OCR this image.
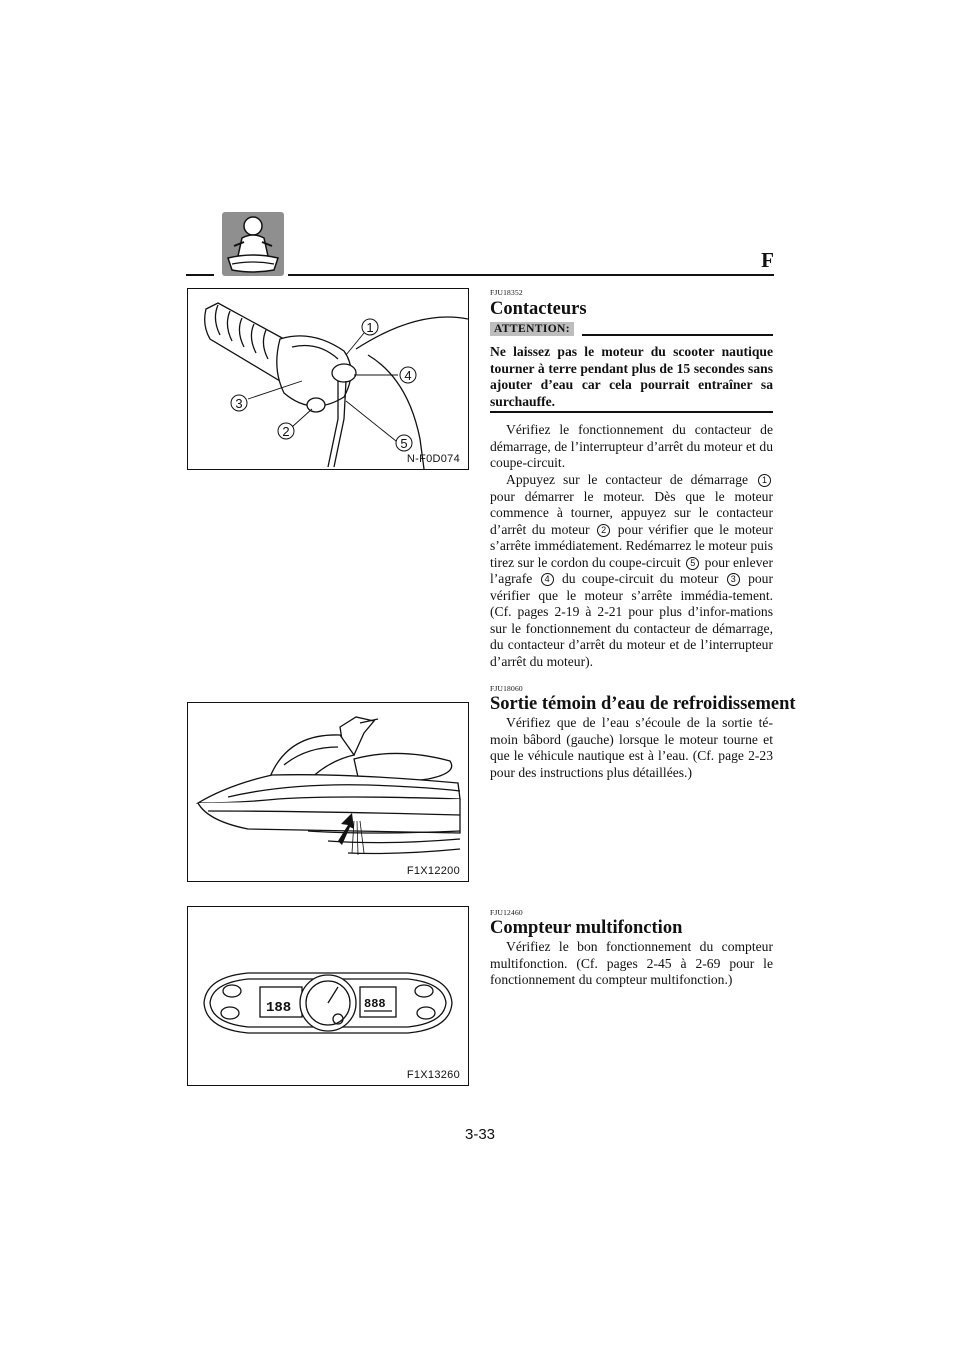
F
1
4
3
2
5
N-F0D074
F1X12200
188	888
F1X13260
FJU18352
Contacteurs
ATTENTION:
Ne laissez pas le moteur du scooter nautique tourner à terre pendant plus de 15 secondes sans ajouter d’eau car cela pourrait entraîner sa surchauffe.
Vérifiez le fonctionnement du contacteur de démarrage, de l’interrupteur d’arrêt du moteur et du coupe-circuit.
Appuyez sur le contacteur de démarrage 1 pour démarrer le moteur. Dès que le moteur commence à tourner, appuyez sur le contacteur d’arrêt du moteur 2 pour vérifier que le moteur s’arrête immédiatement. Redémarrez le moteur puis tirez sur le cordon du coupe-circuit 5 pour enlever l’agrafe 4 du coupe-circuit du moteur 3 pour vérifier que le moteur s’arrête immédia-tement. (Cf. pages 2-19 à 2-21 pour plus d’infor-mations sur le fonctionnement du contacteur de démarrage, du contacteur d’arrêt du moteur et de l’interrupteur d’arrêt du moteur).
FJU18060
Sortie témoin d’eau de refroidissement
Vérifiez que de l’eau s’écoule de la sortie té-moin bâbord (gauche) lorsque le moteur tourne et que le véhicule nautique est à l’eau. (Cf. page 2-23 pour des instructions plus détaillées.)
FJU12460
Compteur multifonction
Vérifiez le bon fonctionnement du compteur multifonction. (Cf. pages 2-45 à 2-69 pour le fonctionnement du compteur multifonction.)
3-33
